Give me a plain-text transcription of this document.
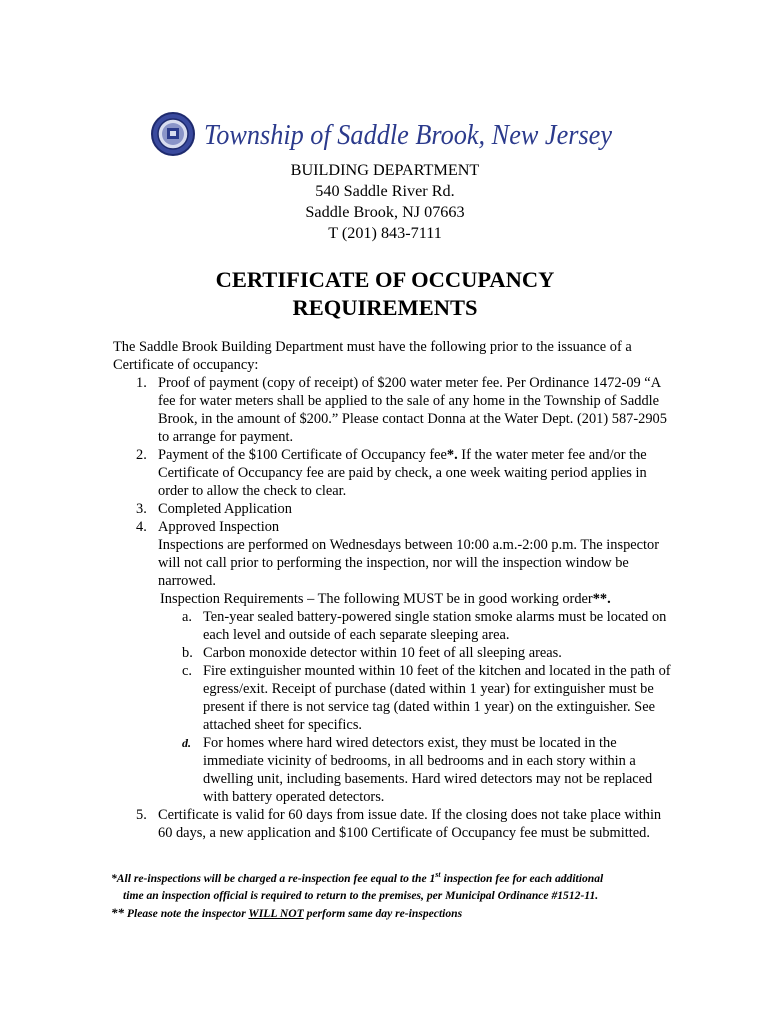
Township of Saddle Brook, New Jersey
BUILDING DEPARTMENT
540 Saddle River Rd.
Saddle Brook, NJ 07663
T (201) 843-7111
CERTIFICATE OF OCCUPANCY
REQUIREMENTS

The Saddle Brook Building Department must have the following prior to the issuance of a Certificate of occupancy:

1. Proof of payment (copy of receipt) of $200 water meter fee. Per Ordinance 1472-09 “A fee for water meters shall be applied to the sale of any home in the Township of Saddle Brook, in the amount of $200.” Please contact Donna at the Water Dept. (201) 587-2905 to arrange for payment.
2. Payment of the $100 Certificate of Occupancy fee*. If the water meter fee and/or the Certificate of Occupancy fee are paid by check, a one week waiting period applies in order to allow the check to clear.
3. Completed Application
4. Approved Inspection
Inspections are performed on Wednesdays between 10:00 a.m.-2:00 p.m. The inspector will not call prior to performing the inspection, nor will the inspection window be narrowed.
Inspection Requirements – The following MUST be in good working order**.
a. Ten-year sealed battery-powered single station smoke alarms must be located on each level and outside of each separate sleeping area.
b. Carbon monoxide detector within 10 feet of all sleeping areas.
c. Fire extinguisher mounted within 10 feet of the kitchen and located in the path of egress/exit. Receipt of purchase (dated within 1 year) for extinguisher must be present if there is not service tag (dated within 1 year) on the extinguisher. See attached sheet for specifics.
d. For homes where hard wired detectors exist, they must be located in the immediate vicinity of bedrooms, in all bedrooms and in each story within a dwelling unit, including basements. Hard wired detectors may not be replaced with battery operated detectors.
5. Certificate is valid for 60 days from issue date. If the closing does not take place within 60 days, a new application and $100 Certificate of Occupancy fee must be submitted.
*All re-inspections will be charged a re-inspection fee equal to the 1st inspection fee for each additional
time an inspection official is required to return to the premises, per Municipal Ordinance #1512-11.
** Please note the inspector WILL NOT perform same day re-inspections
